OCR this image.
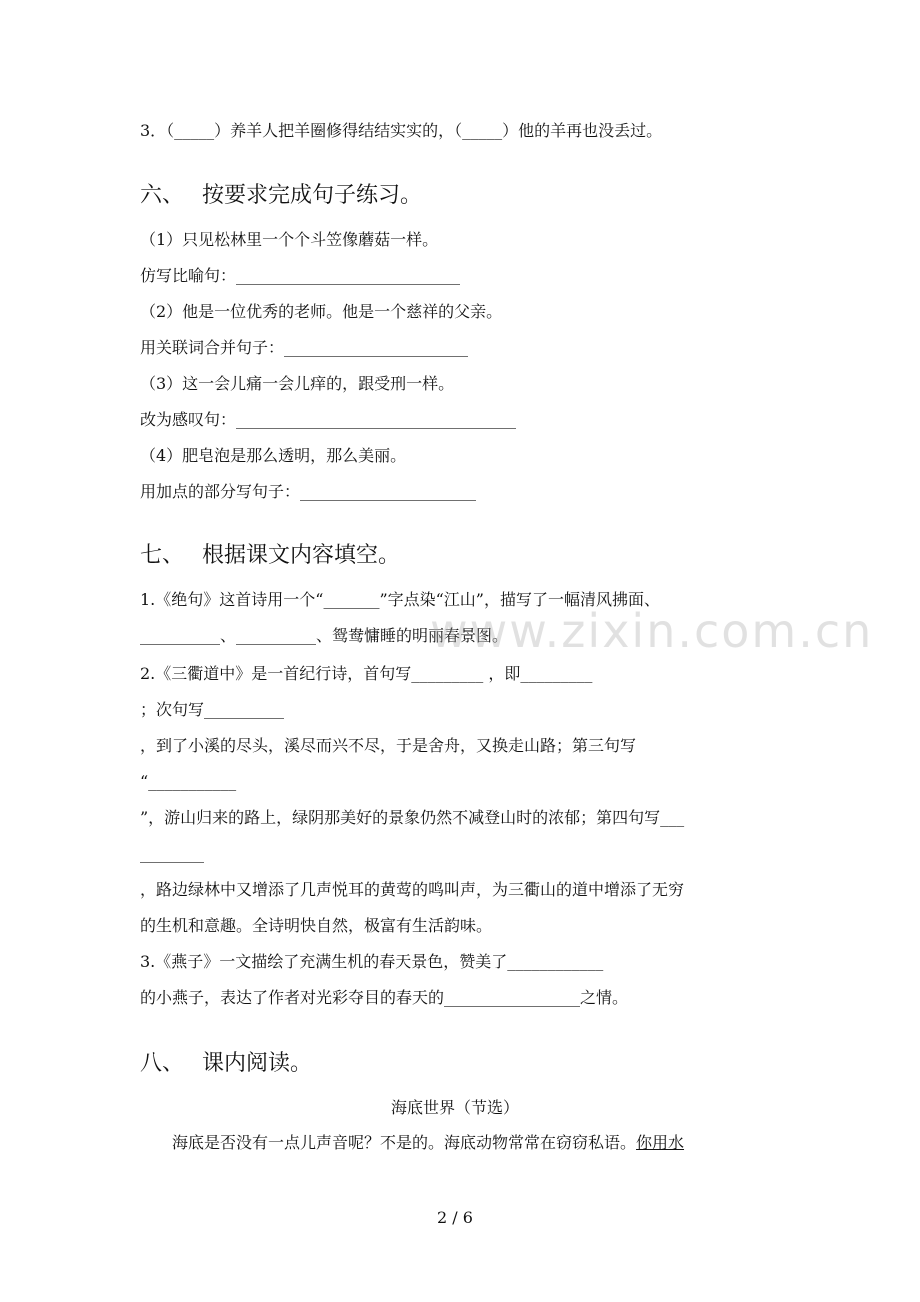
3．（_____）养羊人把羊圈修得结结实实的，（_____）他的羊再也没丢过。
六、 按要求完成句子练习。
（1）只见松林里一个个斗笠像蘑菇一样。
仿写比喻句：____________________________
（2）他是一位优秀的老师。他是一个慈祥的父亲。
用关联词合并句子：_______________________
（3）这一会儿痛一会儿痒的，跟受刑一样。
改为感叹句：___________________________________
（4）肥皂泡是那么透明，那么美丽。
用加点的部分写句子：______________________
七、 根据课文内容填空。
1.《绝句》这首诗用一个“_______”字点染“江山”，描写了一幅清风拂面、
__________、__________、鸳鸯慵睡的明丽春景图。
2.《三衢道中》是一首纪行诗，首句写_________ ，即_________
；次句写__________
，到了小溪的尽头，溪尽而兴不尽，于是舍舟，又换走山路；第三句写
“___________
”，游山归来的路上，绿阴那美好的景象仍然不减登山时的浓郁；第四句写___
________
，路边绿林中又增添了几声悦耳的黄莺的鸣叫声，为三衢山的道中增添了无穷
的生机和意趣。全诗明快自然，极富有生活韵味。
3.《燕子》一文描绘了充满生机的春天景色，赞美了____________
的小燕子，表达了作者对光彩夺目的春天的_________________之情。
八、 课内阅读。
海底世界（节选）
海底是否没有一点儿声音呢？不是的。海底动物常常在窃窃私语。你用水
www.zixin.com.cn
2 / 6
